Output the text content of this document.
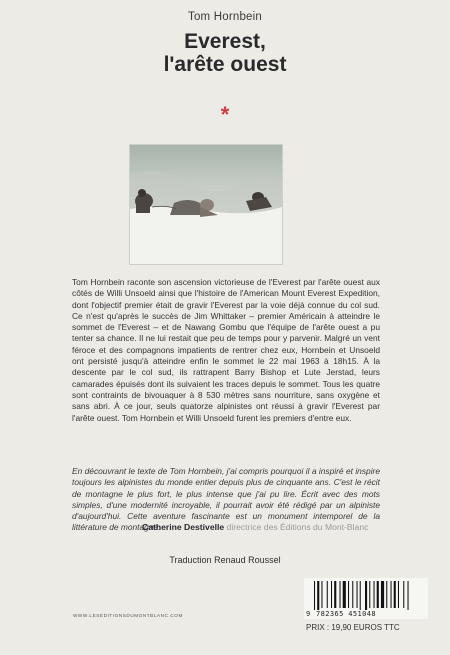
Tom Hornbein
Everest,
l'arête ouest
*

Tom Hornbein raconte son ascension victorieuse de l'Everest par l'arête ouest aux côtés de Willi Unsoeld ainsi que l'histoire de l'American Mount Everest Expedition, dont l'objectif premier était de gravir l'Everest par la voie déjà connue du col sud. Ce n'est qu'après le succès de Jim Whittaker – premier Américain à atteindre le sommet de l'Everest – et de Nawang Gombu que l'équipe de l'arête ouest a pu tenter sa chance. Il ne lui restait que peu de temps pour y parvenir. Malgré un vent féroce et des compagnons impatients de rentrer chez eux, Hornbein et Unsoeld ont persisté jusqu'à atteindre enfin le sommet le 22 mai 1963 à 18h15. À la descente par le col sud, ils rattrapent Barry Bishop et Lute Jerstad, leurs camarades épuisés dont ils suivaient les traces depuis le sommet. Tous les quatre sont contraints de bivouaquer à 8 530 mètres sans nourriture, sans oxygène et sans abri. À ce jour, seuls quatorze alpinistes ont réussi à gravir l'Everest par l'arête ouest. Tom Hornbein et Willi Unsoeld furent les premiers d'entre eux.

En découvrant le texte de Tom Hornbein, j'ai compris pourquoi il a inspiré et inspire toujours les alpinistes du monde entier depuis plus de cinquante ans. C'est le récit de montagne le plus fort, le plus intense que j'ai pu lire. Écrit avec des mots simples, d'une modernité incroyable, il pourrait avoir été rédigé par un alpiniste d'aujourd'hui. Cette aventure fascinante est un monument intemporel de la littérature de montagne.

Catherine Destivelle directrice des Éditions du Mont-Blanc
Traduction Renaud Roussel
WWW.LESEDITIONSDUMONTBLANC.COM	9 782365 451048
PRIX : 19,90 EUROS TTC
